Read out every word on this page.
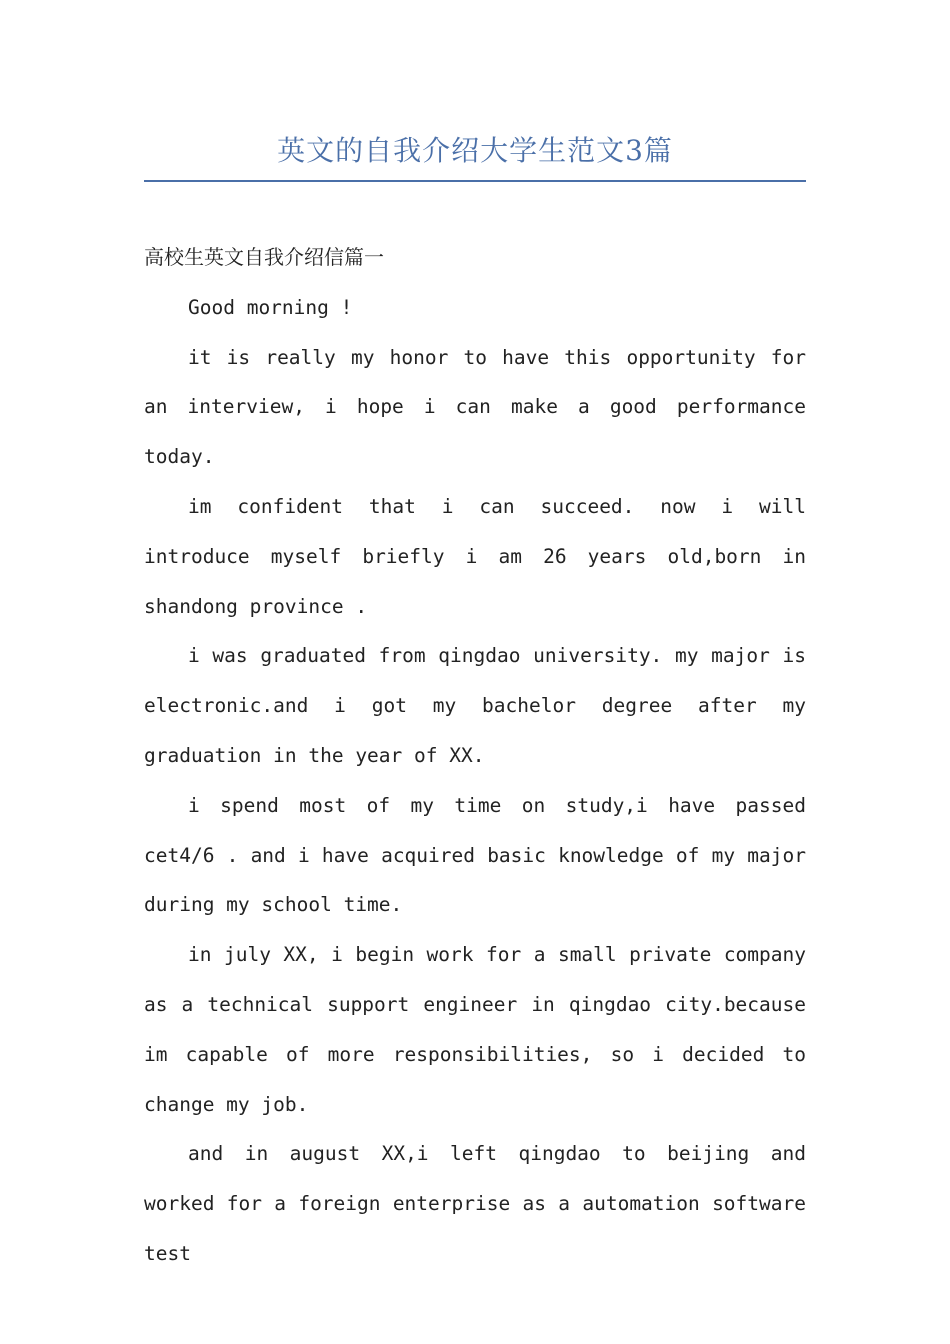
英文的自我介绍大学生范文3篇

高校生英文自我介绍信篇一

Good morning !

it is really my honor to have this opportunity for an interview, i hope i can make a good performance today.

im confident that i can succeed. now i will introduce myself briefly i am 26 years old,born in shandong province .

i was graduated from qingdao university. my major is electronic.and i got my bachelor degree after my graduation in the year of XX.

i spend most of my time on study,i have passed cet4/6 . and i have acquired basic knowledge of my major during my school time.

in july XX, i begin work for a small private company as a technical support engineer in qingdao city.because im capable of more responsibilities, so i decided to change my job.

and in august XX,i left qingdao to beijing and worked for a foreign enterprise as a automation software test
